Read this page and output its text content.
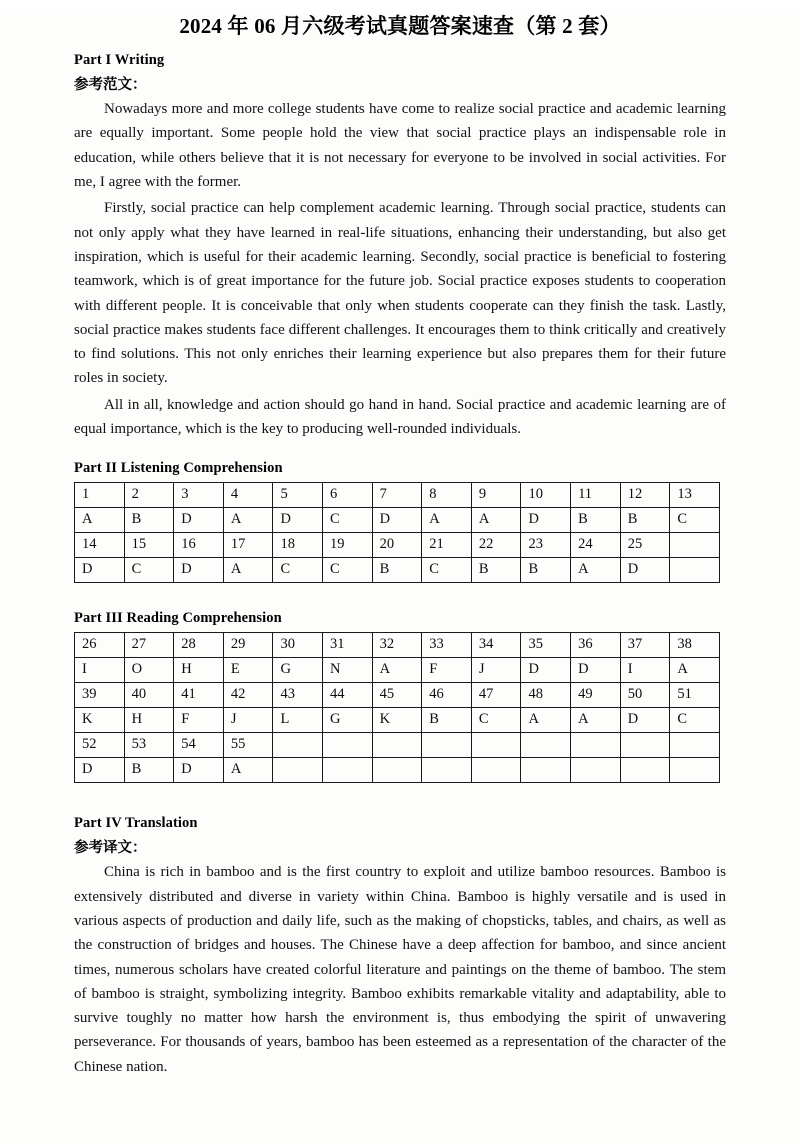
2024 年 06 月六级考试真题答案速查（第 2 套）
Part I Writing
参考范文：

Nowadays more and more college students have come to realize social practice and academic learning are equally important. Some people hold the view that social practice plays an indispensable role in education, while others believe that it is not necessary for everyone to be involved in social activities. For me, I agree with the former.

Firstly, social practice can help complement academic learning. Through social practice, students can not only apply what they have learned in real-life situations, enhancing their understanding, but also get inspiration, which is useful for their academic learning. Secondly, social practice is beneficial to fostering teamwork, which is of great importance for the future job. Social practice exposes students to cooperation with different people. It is conceivable that only when students cooperate can they finish the task. Lastly, social practice makes students face different challenges. It encourages them to think critically and creatively to find solutions. This not only enriches their learning experience but also prepares them for their future roles in society.

All in all, knowledge and action should go hand in hand. Social practice and academic learning are of equal importance, which is the key to producing well-rounded individuals.

Part II Listening Comprehension
1	2	3	4	5	6	7	8	9	10	11	12	13
A	B	D	A	D	C	D	A	A	D	B	B	C
14	15	16	17	18	19	20	21	22	23	24	25	
D	C	D	A	C	C	B	C	B	B	A	D	
Part III Reading Comprehension
26	27	28	29	30	31	32	33	34	35	36	37	38
I	O	H	E	G	N	A	F	J	D	D	I	A
39	40	41	42	43	44	45	46	47	48	49	50	51
K	H	F	J	L	G	K	B	C	A	A	D	C
52	53	54	55									
D	B	D	A									
Part IV Translation
参考译文：

China is rich in bamboo and is the first country to exploit and utilize bamboo resources. Bamboo is extensively distributed and diverse in variety within China. Bamboo is highly versatile and is used in various aspects of production and daily life, such as the making of chopsticks, tables, and chairs, as well as the construction of bridges and houses. The Chinese have a deep affection for bamboo, and since ancient times, numerous scholars have created colorful literature and paintings on the theme of bamboo. The stem of bamboo is straight, symbolizing integrity. Bamboo exhibits remarkable vitality and adaptability, able to survive toughly no matter how harsh the environment is, thus embodying the spirit of unwavering perseverance. For thousands of years, bamboo has been esteemed as a representation of the character of the Chinese nation.
